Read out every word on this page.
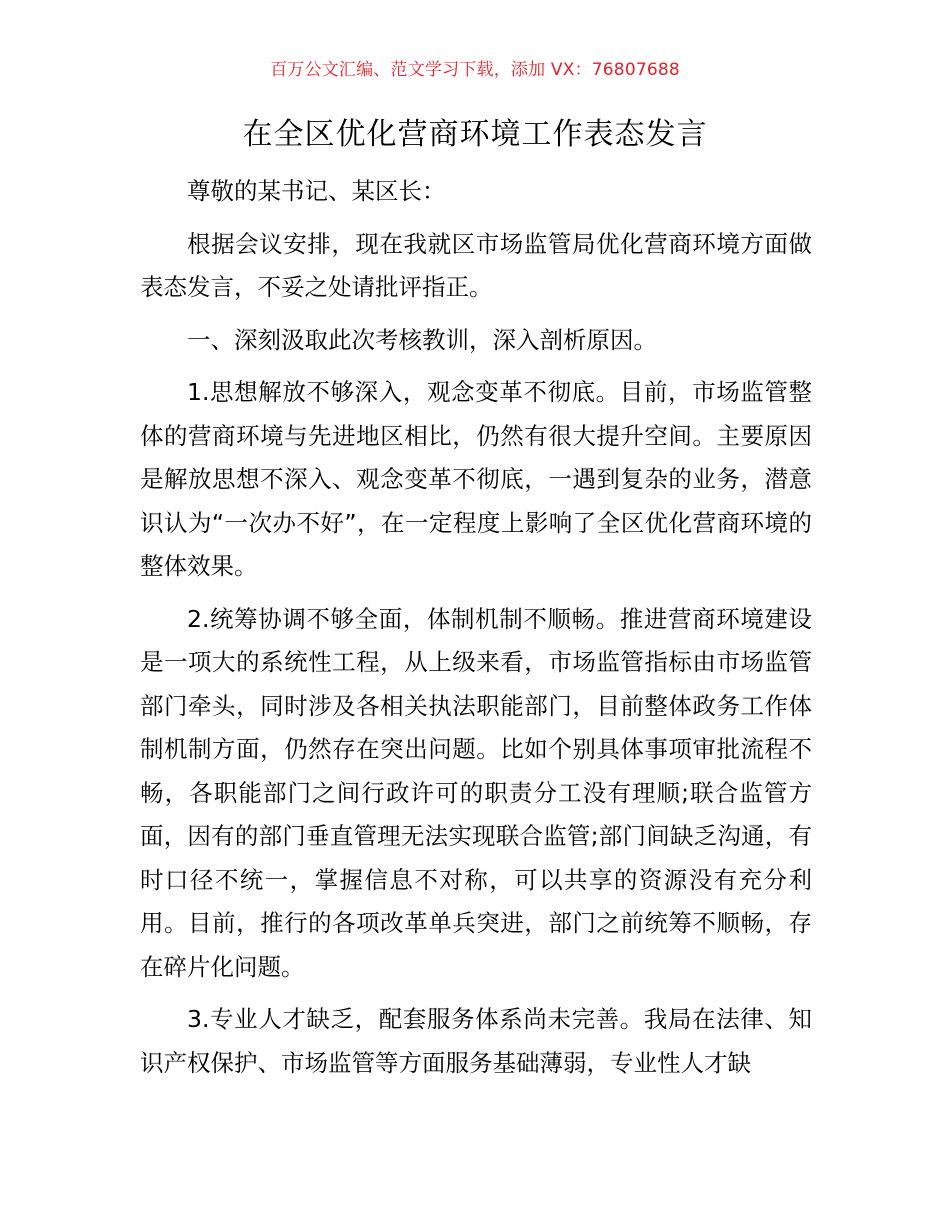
百万公文汇编、范文学习下载，添加 VX：76807688
在全区优化营商环境工作表态发言

尊敬的某书记、某区长：

根据会议安排，现在我就区市场监管局优化营商环境方面做表态发言，不妥之处请批评指正。

一、深刻汲取此次考核教训，深入剖析原因。

1.思想解放不够深入，观念变革不彻底。目前，市场监管整体的营商环境与先进地区相比，仍然有很大提升空间。主要原因是解放思想不深入、观念变革不彻底，一遇到复杂的业务，潜意识认为“一次办不好”，在一定程度上影响了全区优化营商环境的整体效果。

2.统筹协调不够全面，体制机制不顺畅。推进营商环境建设是一项大的系统性工程，从上级来看，市场监管指标由市场监管部门牵头，同时涉及各相关执法职能部门，目前整体政务工作体制机制方面，仍然存在突出问题。比如个别具体事项审批流程不畅，各职能部门之间行政许可的职责分工没有理顺;联合监管方面，因有的部门垂直管理无法实现联合监管;部门间缺乏沟通，有时口径不统一，掌握信息不对称，可以共享的资源没有充分利用。目前，推行的各项改革单兵突进，部门之前统筹不顺畅，存在碎片化问题。

3.专业人才缺乏，配套服务体系尚未完善。我局在法律、知识产权保护、市场监管等方面服务基础薄弱，专业性人才缺
